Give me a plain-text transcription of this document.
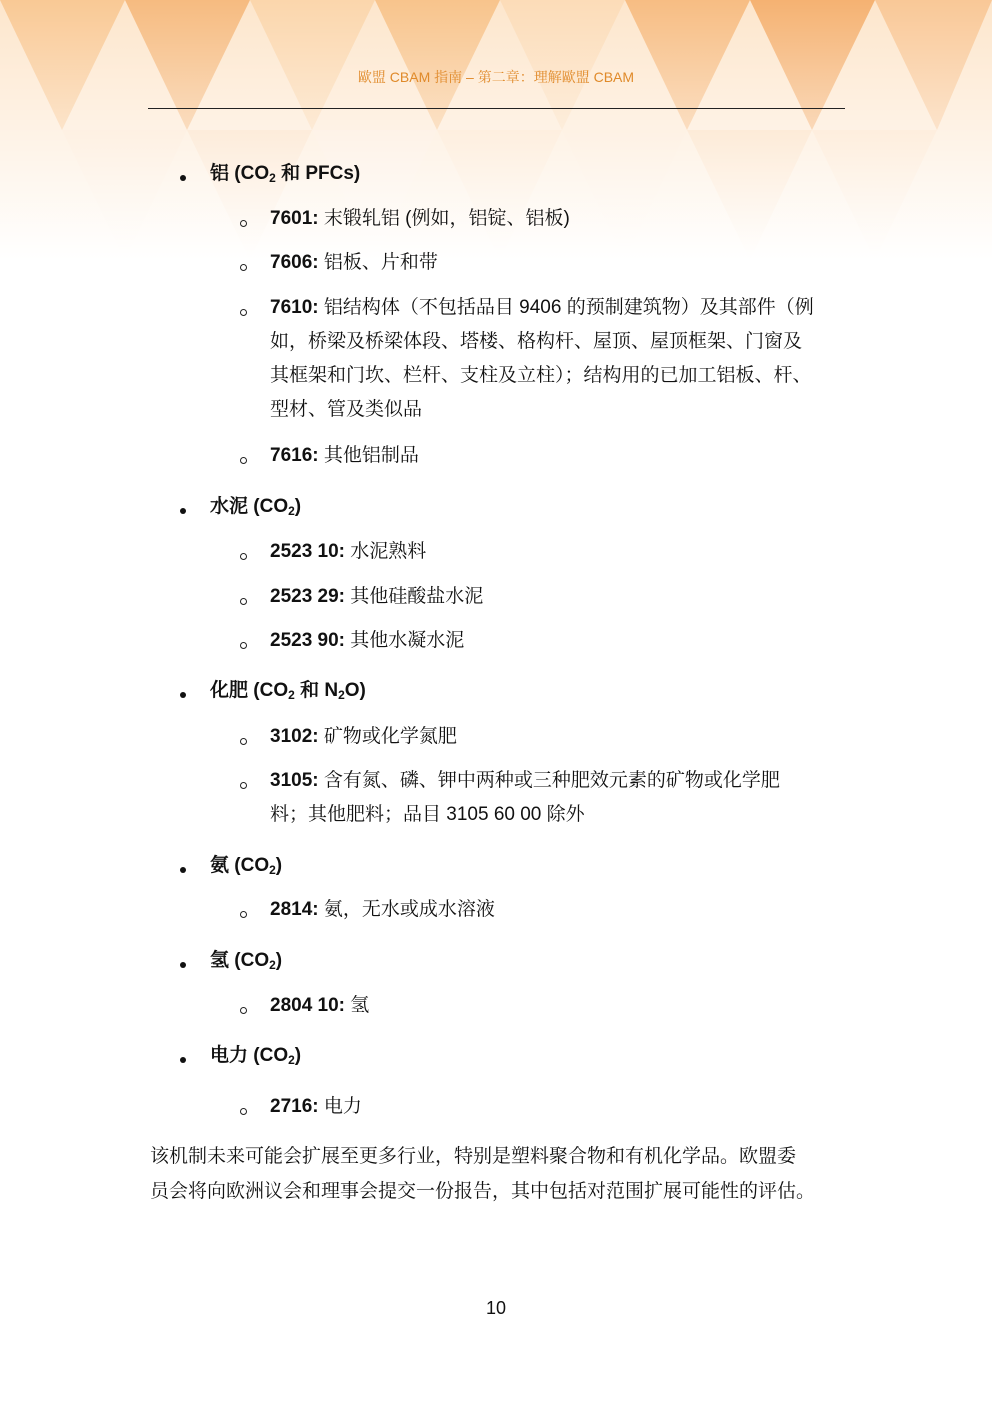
歐盟 CBAM 指南 – 第二章：理解歐盟 CBAM
铝 ($CO_2$ 和 PFCs)
7601: 末锻轧铝 (例如，铝锭、铝板)
7606: 铝板、片和带
7610: 铝结构体（不包括品目 9406 的预制建筑物）及其部件（例
如，桥梁及桥梁体段、塔楼、格构杆、屋顶、屋顶框架、门窗及
其框架和门坎、栏杆、支柱及立柱）；结构用的已加工铝板、杆、
型材、管及类似品
7616: 其他铝制品
水泥 $(CO_2)$
2523 10: 水泥熟料
2523 29: 其他硅酸盐水泥
2523 90: 其他水凝水泥
化肥 ($CO_2$ 和 $N_2O$)
3102: 矿物或化学氮肥
3105: 含有氮、磷、钾中两种或三种肥效元素的矿物或化学肥
料；其他肥料；品目 3105 60 00 除外
氨 $(CO_2)$
2814: 氨，无水或成水溶液
氢 $(CO_2)$
2804 10: 氢
电力 $(CO_2)$
2716: 电力
该机制未来可能会扩展至更多行业，特别是塑料聚合物和有机化学品。欧盟委
员会将向欧洲议会和理事会提交一份报告，其中包括对范围扩展可能性的评估。
10
